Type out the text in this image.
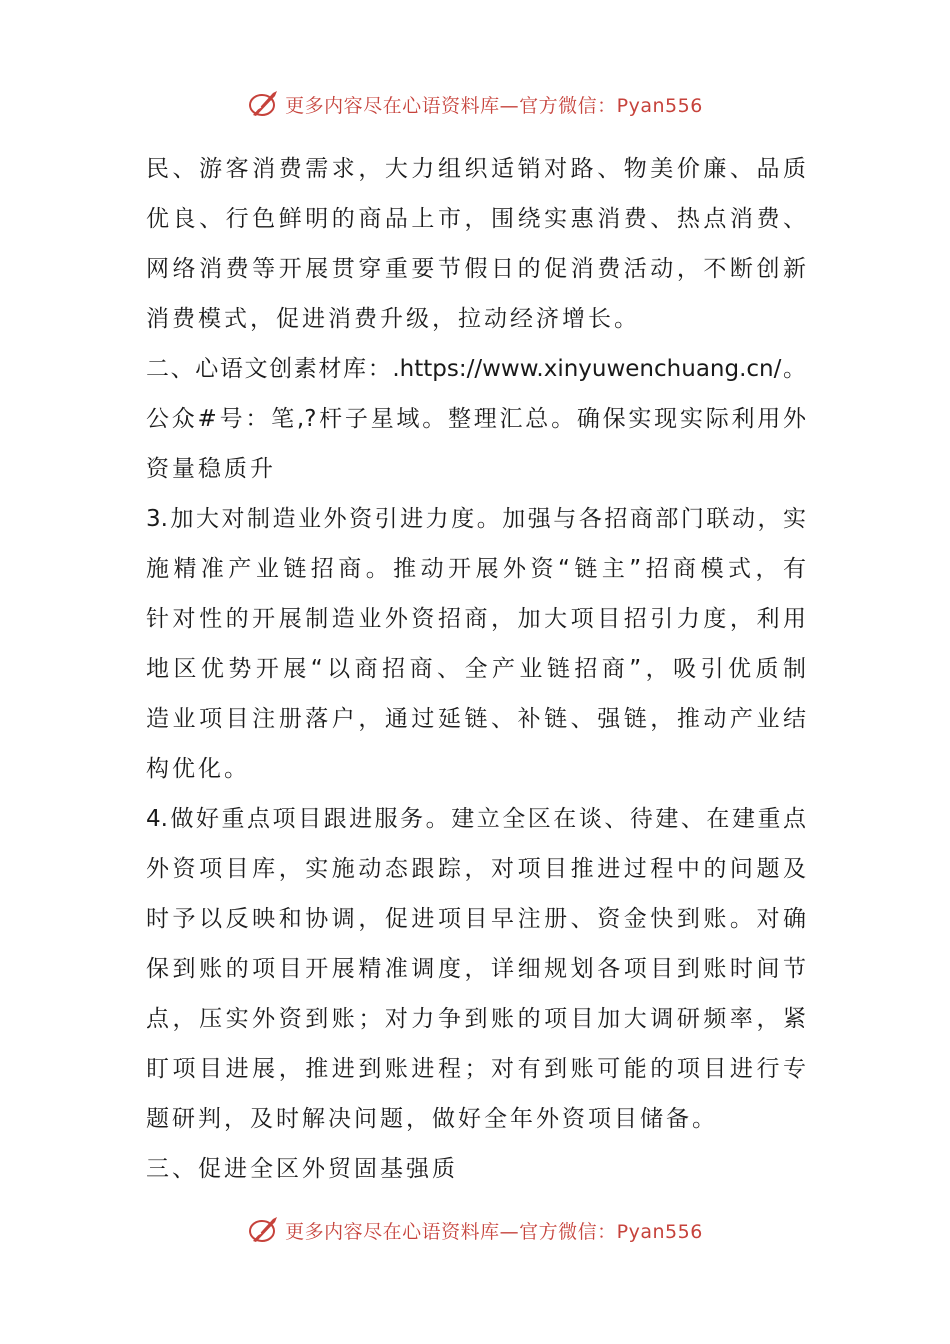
更多内容尽在心语资料库—官方微信：Pyan556
民、游客消费需求，大力组织适销对路、物美价廉、品质
优良、行色鲜明的商品上市，围绕实惠消费、热点消费、
网络消费等开展贯穿重要节假日的促消费活动，不断创新
消费模式，促进消费升级，拉动经济增长。
二、心语文创素材库：.https://www.xinyuwenchuang.cn/。
公众#号：笔,?杆子星域。整理汇总。确保实现实际利用外
资量稳质升
3.加大对制造业外资引进力度。加强与各招商部门联动，实
施精准产业链招商。推动开展外资“链主”招商模式，有
针对性的开展制造业外资招商，加大项目招引力度，利用
地区优势开展“以商招商、全产业链招商”，吸引优质制
造业项目注册落户，通过延链、补链、强链，推动产业结
构优化。
4.做好重点项目跟进服务。建立全区在谈、待建、在建重点
外资项目库，实施动态跟踪，对项目推进过程中的问题及
时予以反映和协调，促进项目早注册、资金快到账。对确
保到账的项目开展精准调度，详细规划各项目到账时间节
点，压实外资到账；对力争到账的项目加大调研频率，紧
盯项目进展，推进到账进程；对有到账可能的项目进行专
题研判，及时解决问题，做好全年外资项目储备。
三、促进全区外贸固基强质
更多内容尽在心语资料库—官方微信：Pyan556
